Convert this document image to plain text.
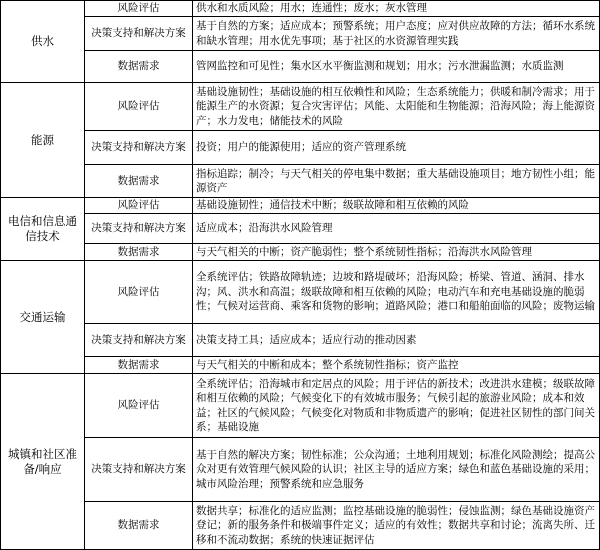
供水	风险评估	供水和水质风险；用水；连通性；废水；灰水管理
	决策支持和解决方案	基于自然的方案；适应成本；预警系统；用户态度；应对供应故障的方法；循环水系统和缺水管理；用水优先事项；基于社区的水资源管理实践
	数据需求	管网监控和可见性；集水区水平衡监测和规划；用水；污水泄漏监测；水质监测
能源	风险评估	基础设施韧性；基础设施的相互依赖性和风险；生态系统能力；供暖和制冷需求；用于能源生产的水资源；复合灾害评估；风能、太阳能和生物能源；沿海风险；海上能源资产；水力发电；储能技术的风险
	决策支持和解决方案	投资；用户的能源使用；适应的资产管理系统
	数据需求	指标追踪；制冷；与天气相关的停电集中数据；重大基础设施项目；地方韧性小组；能源资产
电信和信息通信技术	风险评估	基础设施韧性；通信技术中断；级联故障和相互依赖的风险
	决策支持和解决方案	适应成本；沿海洪水风险管理
	数据需求	与天气相关的中断；资产脆弱性；整个系统韧性指标；沿海洪水风险管理
交通运输	风险评估	全系统评估；铁路故障轨迹；边坡和路堤破坏；沿海风险；桥梁、管道、涵洞、排水沟；风、洪水和高温；级联故障和相互依赖的风险；电动汽车和充电基础设施的脆弱性；气候对运营商、乘客和货物的影响；道路风险；港口和船舶面临的风险；废物运输
	决策支持和解决方案	决策支持工具；适应成本；适应行动的推动因素
	数据需求	与天气相关的中断和成本；整个系统韧性指标；资产监控
城镇和社区准备/响应	风险评估	全系统评估；沿海城市和定居点的风险；用于评估的新技术；改进洪水建模；级联故障和相互依赖的风险；气候变化下的有效城市服务；气候引起的旅游业风险；成本和效益；社区的气候风险；气候变化对物质和非物质遗产的影响；促进社区韧性的部门间关系；基础设施
	决策支持和解决方案	基于自然的解决方案；韧性标准；公众沟通；土地利用规划；标准化风险测绘；提高公众对更有效管理气候风险的认识；社区主导的适应方案；绿色和蓝色基础设施的采用；城市风险治理；预警系统和应急服务
	数据需求	数据共享；标准化的适应监测；监控基础设施的脆弱性；侵蚀监测；绿色基础设施资产登记；新的服务条件和极端事件定义；适应的有效性；数据共享和讨论；流离失所、迁移和不流动数据；系统的快速证据评估
